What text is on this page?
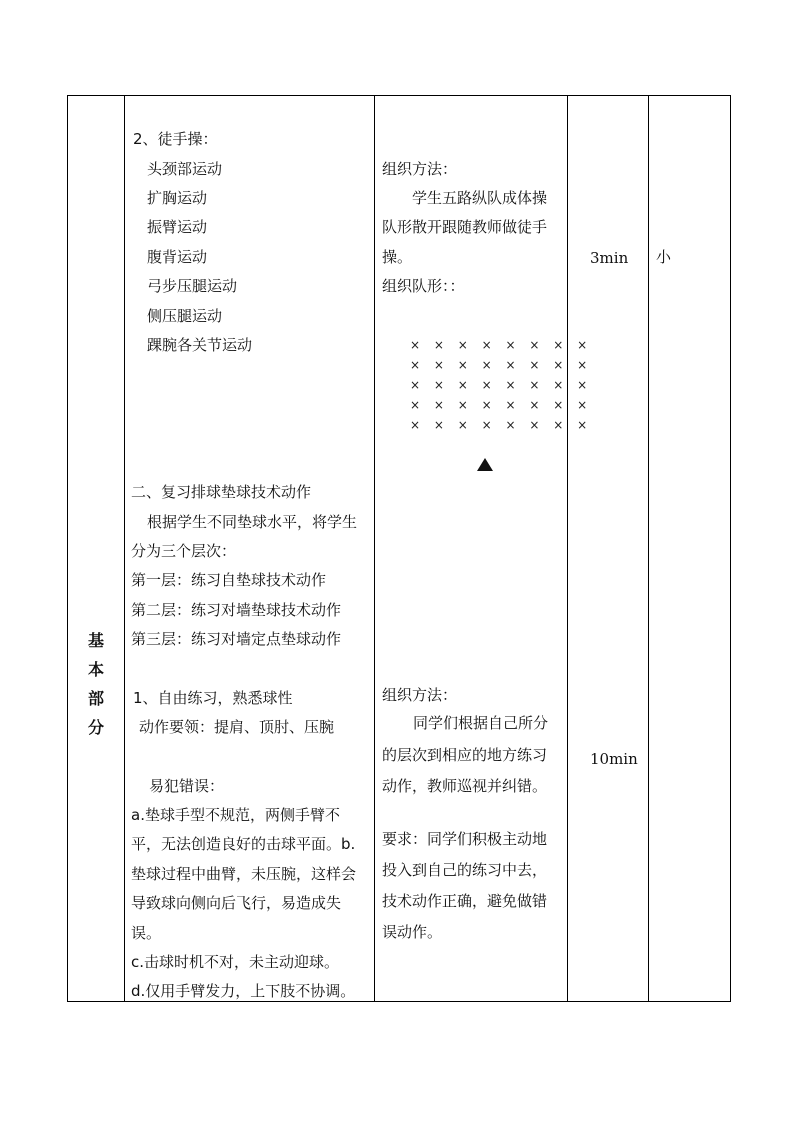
基
本
部
分
2、徒手操：
头颈部运动
扩胸运动
振臂运动
腹背运动
弓步压腿运动
侧压腿运动
踝腕各关节运动
二、复习排球垫球技术动作
根据学生不同垫球水平，将学生
分为三个层次：
第一层：练习自垫球技术动作
第二层：练习对墙垫球技术动作
第三层：练习对墙定点垫球动作
1、自由练习，熟悉球性
动作要领：提肩、顶肘、压腕
易犯错误：
a.垫球手型不规范，两侧手臂不
平，无法创造良好的击球平面。b.
垫球过程中曲臂，未压腕，这样会
导致球向侧向后飞行，易造成失
误。
c.击球时机不对，未主动迎球。
d.仅用手臂发力，上下肢不协调。
组织方法：
学生五路纵队成体操
队形散开跟随教师做徒手
操。
组织队形：：
× × × × × × × ×
× × × × × × × ×
× × × × × × × ×
× × × × × × × ×
× × × × × × × ×
组织方法：
同学们根据自己所分
的层次到相应的地方练习
动作，教师巡视并纠错。
要求：同学们积极主动地
投入到自己的练习中去，
技术动作正确，避免做错
误动作。
3min
10min
小
